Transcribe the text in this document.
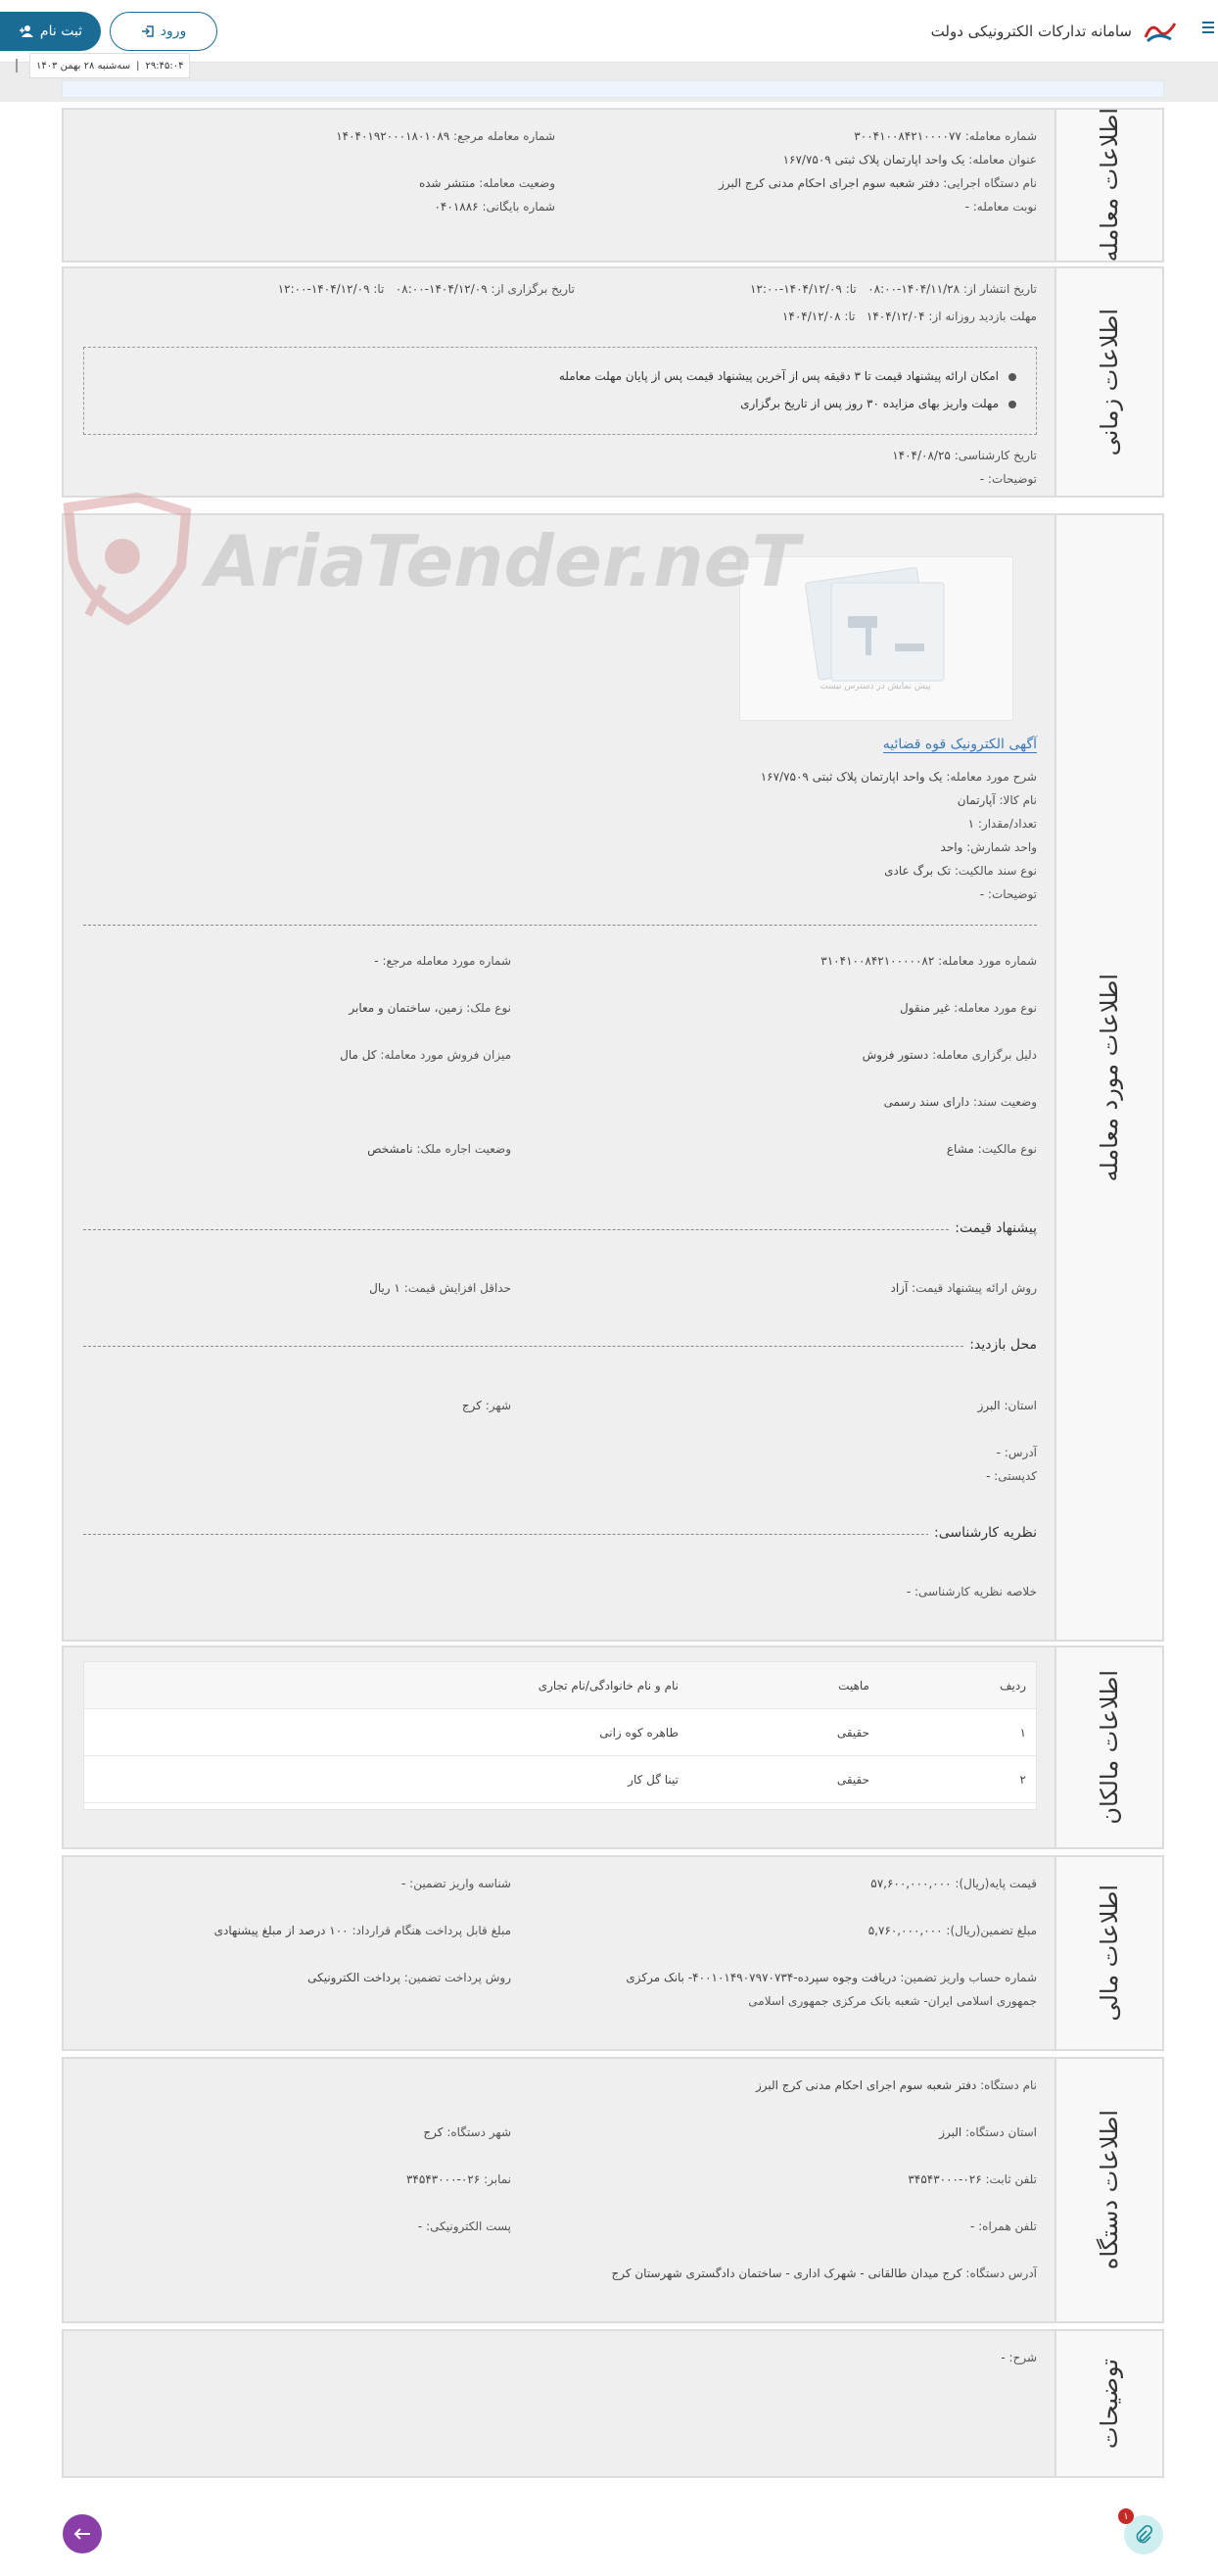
سامانه تدارکات الکترونیکی دولت
ورود
ثبت نام
۲۹:۴۵:۰۴
|
سه‌شنبه ۲۸ بهمن ۱۴۰۳
اطلاعات معامله
شماره معامله: ۳۰۰۴۱۰۰۸۴۲۱۰۰۰۰۷۷
عنوان معامله: یک واحد اپارتمان پلاک ثبتی ۱۶۷/۷۵۰۹
نام دستگاه اجرایی: دفتر شعبه سوم اجرای احکام مدنی کرج البرز
نوبت معامله: -
شماره معامله مرجع: ۱۴۰۴۰۱۹۲۰۰۰۱۸۰۱۰۸۹
وضعیت معامله: منتشر شده
شماره بایگانی: ۰۴۰۱۸۸۶
اطلاعات زمانی
تاریخ انتشار از: ۱۴۰۴/۱۱/۲۸-۰۸:۰۰   تا: ۱۴۰۴/۱۲/۰۹-۱۲:۰۰
تاریخ برگزاری از: ۱۴۰۴/۱۲/۰۹-۰۸:۰۰   تا: ۱۴۰۴/۱۲/۰۹-۱۲:۰۰
مهلت بازدید روزانه از: ۱۴۰۴/۱۲/۰۴   تا: ۱۴۰۴/۱۲/۰۸
امکان ارائه پیشنهاد قیمت تا ۳ دقیقه پس از آخرین پیشنهاد قیمت پس از پایان مهلت معامله
مهلت واریز بهای مزایده ۳۰ روز پس از تاریخ برگزاری
تاریخ کارشناسی: ۱۴۰۴/۰۸/۲۵
توضیحات: -
اطلاعات مورد معامله
پیش نمایش در دسترس نیست
آگهی الکترونیک قوه قضائیه
شرح مورد معامله: یک واحد اپارتمان پلاک ثبتی ۱۶۷/۷۵۰۹
نام کالا: آپارتمان
تعداد/مقدار: ۱
واحد شمارش: واحد
نوع سند مالکیت: تک برگ عادی
توضیحات: -
شماره مورد معامله: ۳۱۰۴۱۰۰۸۴۲۱۰۰۰۰۰۸۲
شماره مورد معامله مرجع: -
نوع مورد معامله: غیر منقول
نوع ملک: زمین، ساختمان و معابر
دلیل برگزاری معامله: دستور فروش
میزان فروش مورد معامله: کل مال
وضعیت سند: دارای سند رسمی
نوع مالکیت: مشاع
وضعیت اجاره ملک: نامشخص
پیشنهاد قیمت:
روش ارائه پیشنهاد قیمت: آزاد
حداقل افزایش قیمت: ۱ ریال
محل بازدید:
استان: البرز
شهر: کرج
آدرس: -
کدپستی: -
نظریه کارشناسی:
خلاصه نظریه کارشناسی: -
اطلاعات مالکان
ردیف
ماهیت
نام و نام خانوادگی/نام تجاری
۱
حقیقی
طاهره کوه زانی
۲
حقیقی
تینا گل کار
اطلاعات مالی
قیمت پایه(ریال): ۵۷,۶۰۰,۰۰۰,۰۰۰
شناسه واریز تضمین: -
مبلغ تضمین(ریال): ۵,۷۶۰,۰۰۰,۰۰۰
مبلغ قابل پرداخت هنگام قرارداد: ۱۰۰ درصد از مبلغ پیشنهادی
شماره حساب واریز تضمین: دریافت وجوه سپرده-۴۰۰۱۰۱۴۹۰۷۹۷۰۷۳۴- بانک مرکزی
جمهوری اسلامی ایران- شعبه بانک مرکزی جمهوری اسلامی
روش پرداخت تضمین: پرداخت الکترونیکی
اطلاعات دستگاه
نام دستگاه: دفتر شعبه سوم اجرای احکام مدنی کرج البرز
استان دستگاه: البرز
شهر دستگاه: کرج
تلفن ثابت: ۰۲۶-۳۴۵۴۳۰۰۰
نمابر: ۰۲۶-۳۴۵۴۳۰۰۰
تلفن همراه: -
پست الکترونیکی: -
آدرس دستگاه: کرج میدان طالقانی - شهرک اداری - ساختمان دادگستری شهرستان کرج
توضیحات
شرح: -
AriaTender.neT
۱
